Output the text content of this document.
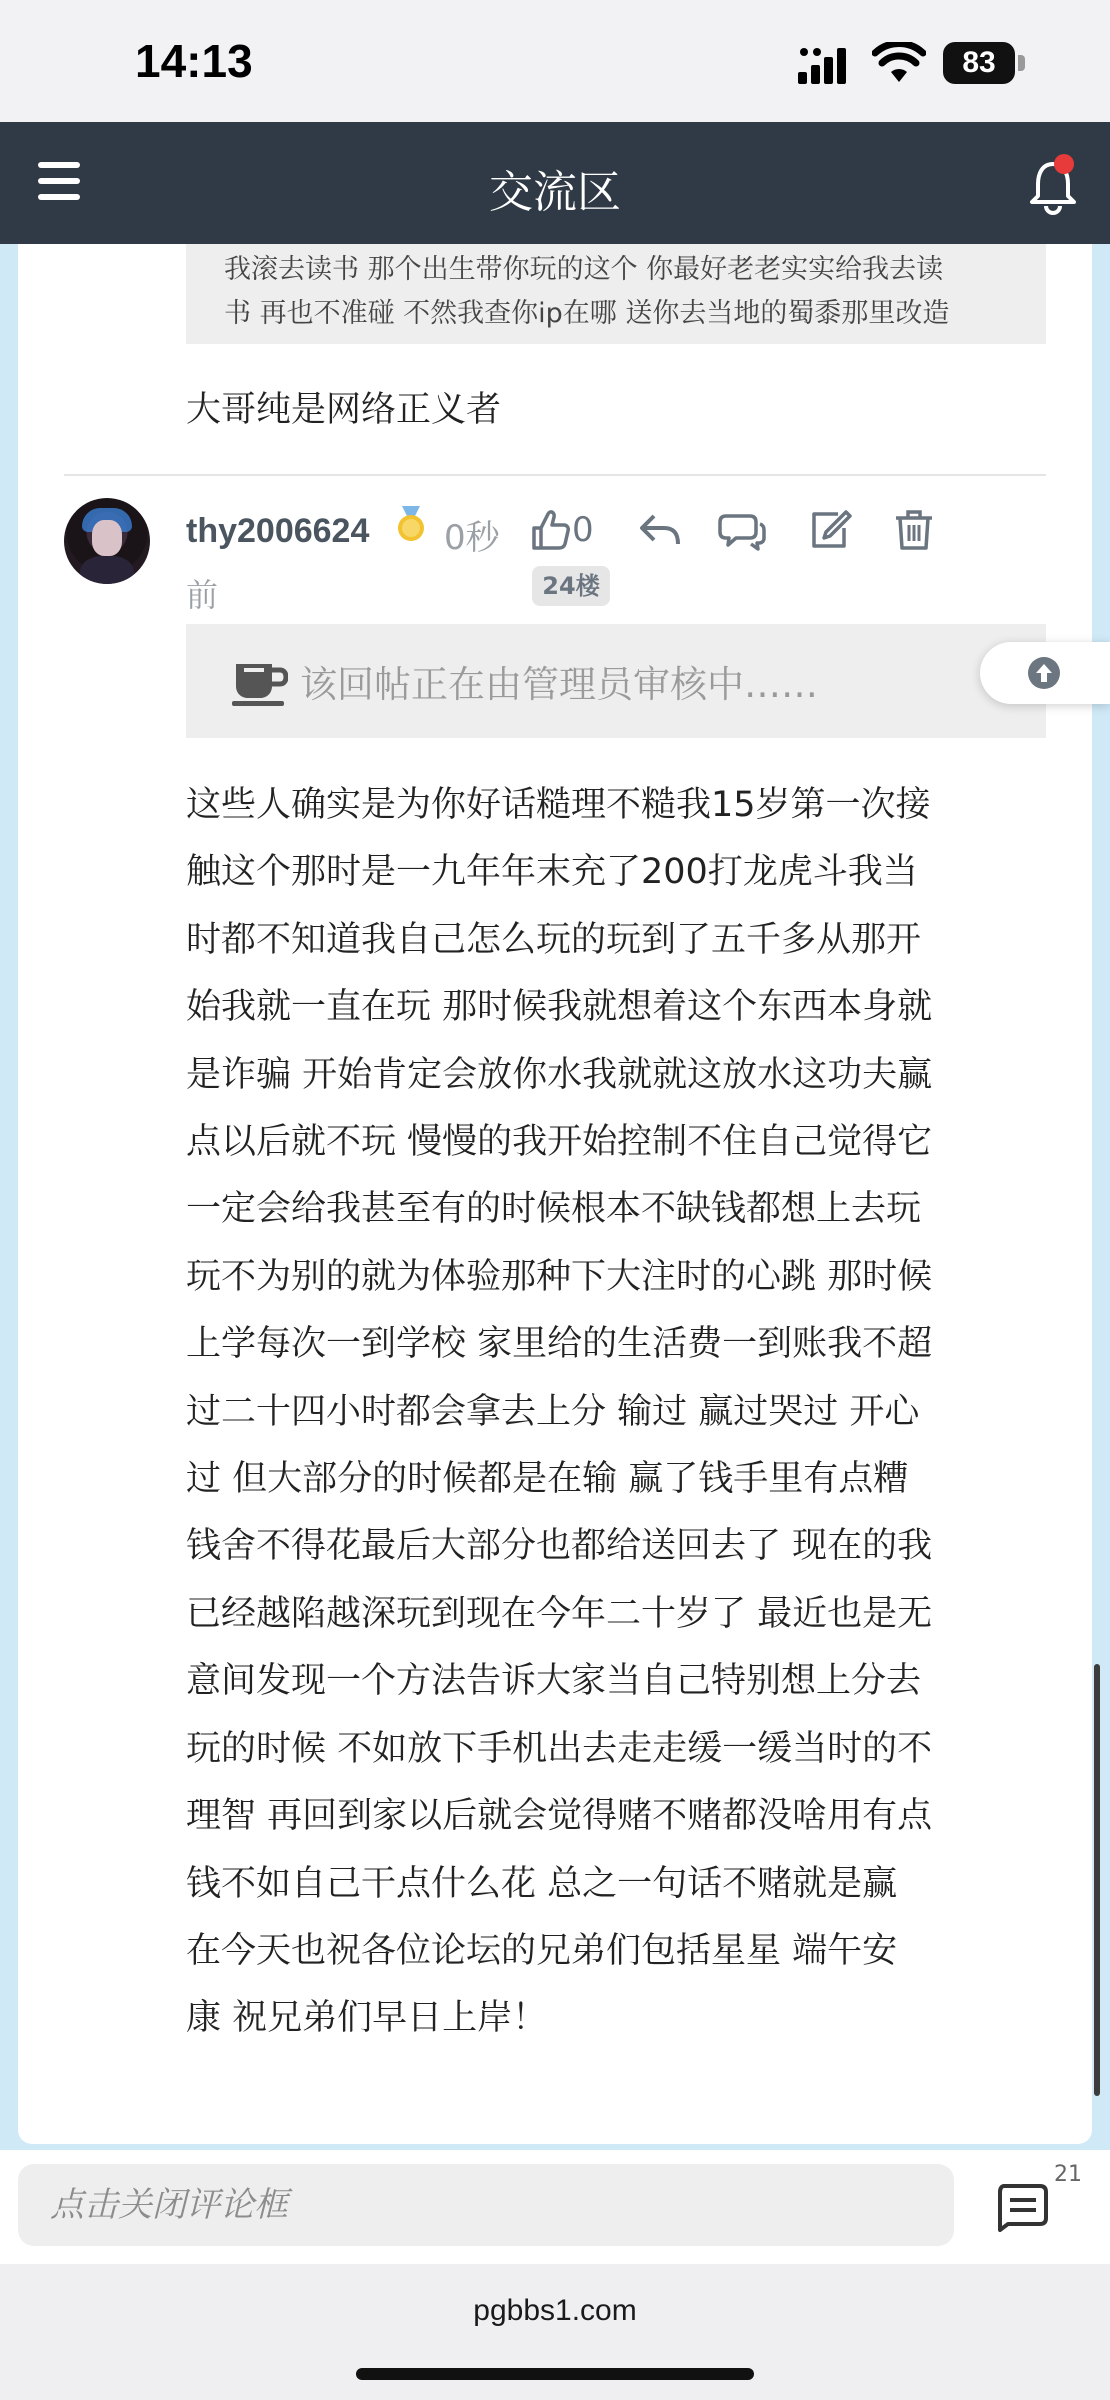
14:13	83
交流区
我滚去读书 那个出生带你玩的这个 你最好老老实实给我去读
书 再也不准碰 不然我查你ip在哪 送你去当地的蜀黍那里改造
大哥纯是网络正义者
thy2006624 0秒
前
0
24楼
该回帖正在由管理员审核中……
这些人确实是为你好话糙理不糙我15岁第一次接
触这个那时是一九年年末充了200打龙虎斗我当
时都不知道我自己怎么玩的玩到了五千多从那开
始我就一直在玩 那时候我就想着这个东西本身就
是诈骗 开始肯定会放你水我就就这放水这功夫赢
点以后就不玩 慢慢的我开始控制不住自己觉得它
一定会给我甚至有的时候根本不缺钱都想上去玩
玩不为别的就为体验那种下大注时的心跳 那时候
上学每次一到学校 家里给的生活费一到账我不超
过二十四小时都会拿去上分 输过 赢过哭过 开心
过 但大部分的时候都是在输 赢了钱手里有点糟
钱舍不得花最后大部分也都给送回去了 现在的我
已经越陷越深玩到现在今年二十岁了 最近也是无
意间发现一个方法告诉大家当自己特别想上分去
玩的时候 不如放下手机出去走走缓一缓当时的不
理智 再回到家以后就会觉得赌不赌都没啥用有点
钱不如自己干点什么花 总之一句话不赌就是赢
在今天也祝各位论坛的兄弟们包括星星 端午安
康 祝兄弟们早日上岸！
点击关闭评论框
21
pgbbs1.com
